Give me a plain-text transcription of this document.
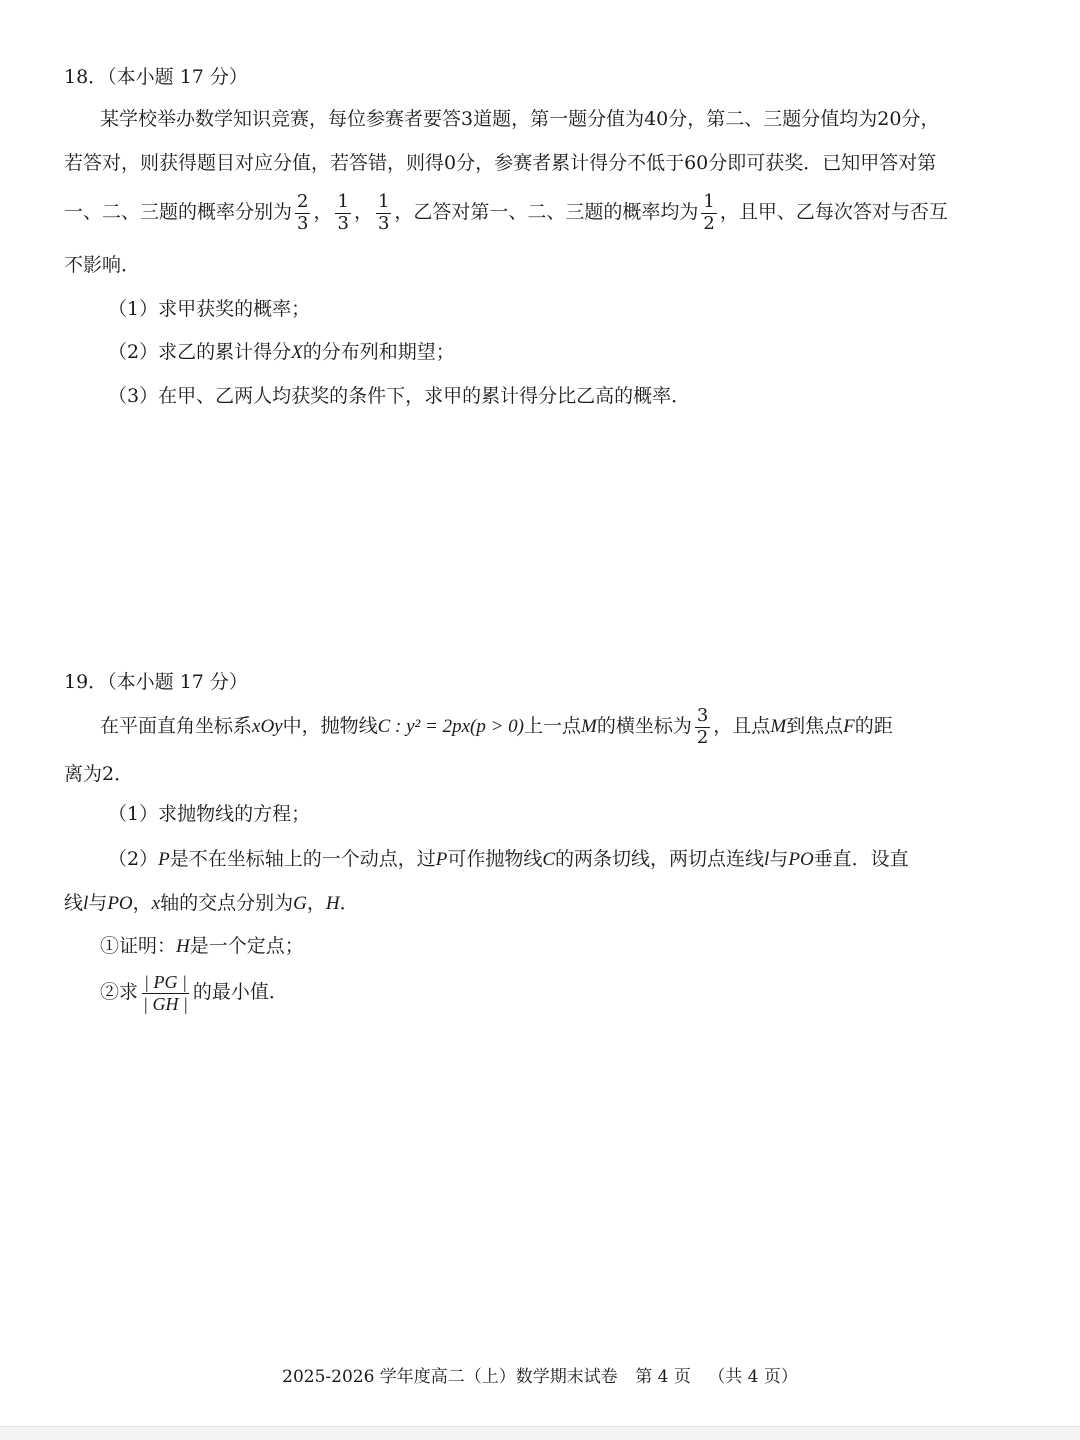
18．（本小题 17 分）
某学校举办数学知识竞赛，每位参赛者要答3道题，第一题分值为40分，第二、三题分值均为20分，
若答对，则获得题目对应分值，若答错，则得0分，参赛者累计得分不低于60分即可获奖．已知甲答对第
一、二、三题的概率分别为 $\frac{2}{3}$ ， $\frac{1}{3}$ ， $\frac{1}{3}$ ，乙答对第一、二、三题的概率均为 $\frac{1}{2}$ ，且甲、乙每次答对与否互
不影响．
（1）求甲获奖的概率；
（2）求乙的累计得分X的分布列和期望；
（3）在甲、乙两人均获奖的条件下，求甲的累计得分比乙高的概率．
19．（本小题 17 分）
在平面直角坐标系xOy中，抛物线C : y² = 2px(p > 0)上一点M的横坐标为 $\frac{3}{2}$ ，且点M到焦点F的距
离为2．
（1）求抛物线的方程；
（2）P是不在坐标轴上的一个动点，过P可作抛物线C的两条切线，两切点连线l与PO垂直．设直
线l与PO，x轴的交点分别为G，H．
①证明：H是一个定点；
②求 $\frac{| PG |}{| GH |}$ 的最小值．
2025-2026 学年度高二（上）数学期末试卷 第 4 页 （共 4 页）
